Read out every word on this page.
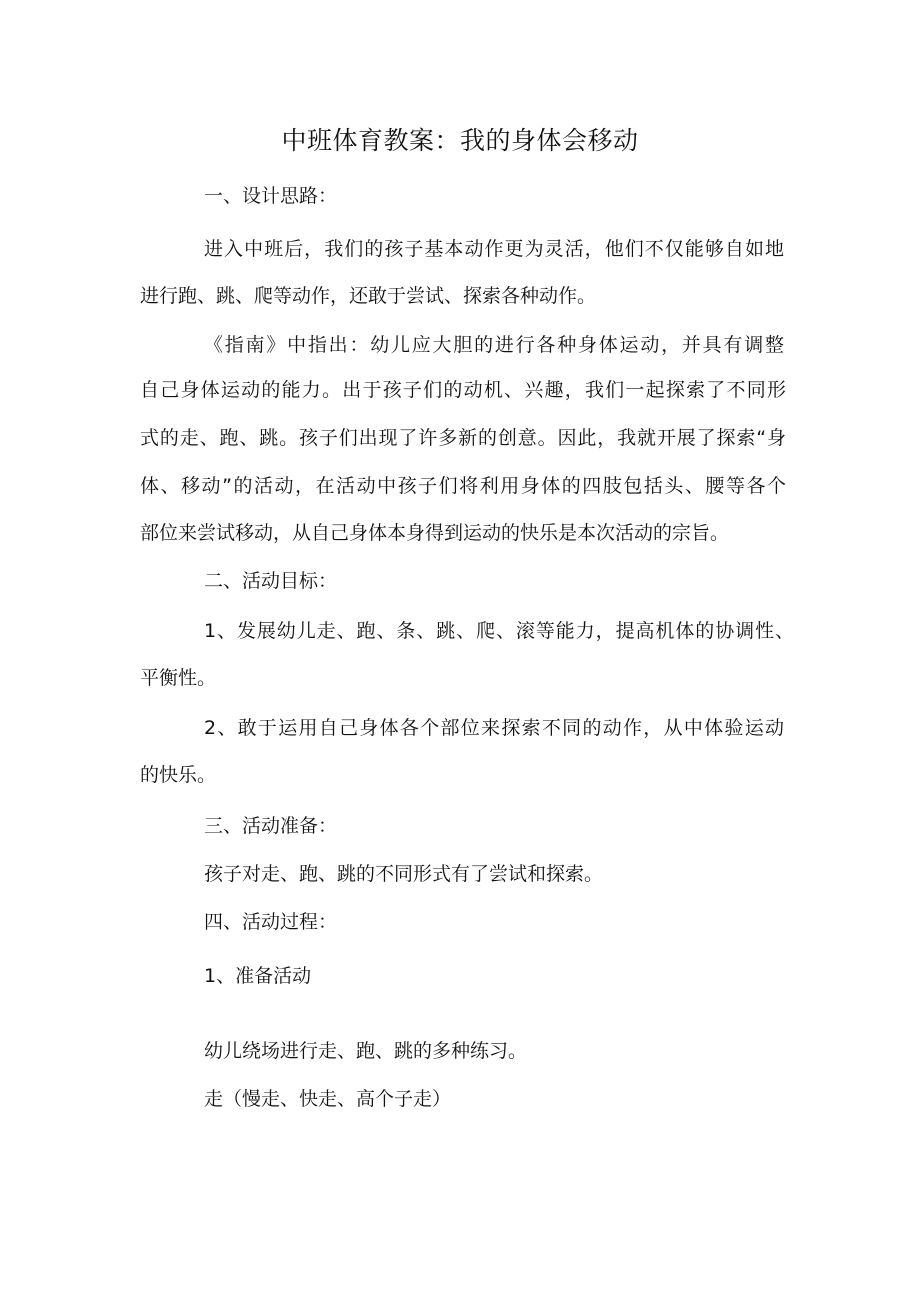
中班体育教案：我的身体会移动

一、设计思路：

进入中班后，我们的孩子基本动作更为灵活，他们不仅能够自如地

进行跑、跳、爬等动作，还敢于尝试、探索各种动作。

《指南》中指出：幼儿应大胆的进行各种身体运动，并具有调整

自己身体运动的能力。出于孩子们的动机、兴趣，我们一起探索了不同形

式的走、跑、跳。孩子们出现了许多新的创意。因此，我就开展了探索“身

体、移动”的活动，在活动中孩子们将利用身体的四肢包括头、腰等各个

部位来尝试移动，从自己身体本身得到运动的快乐是本次活动的宗旨。

二、活动目标：

1、发展幼儿走、跑、条、跳、爬、滚等能力，提高机体的协调性、

平衡性。

2、敢于运用自己身体各个部位来探索不同的动作，从中体验运动

的快乐。

三、活动准备：

孩子对走、跑、跳的不同形式有了尝试和探索。

四、活动过程：

1、准备活动

幼儿绕场进行走、跑、跳的多种练习。

走（慢走、快走、高个子走）
